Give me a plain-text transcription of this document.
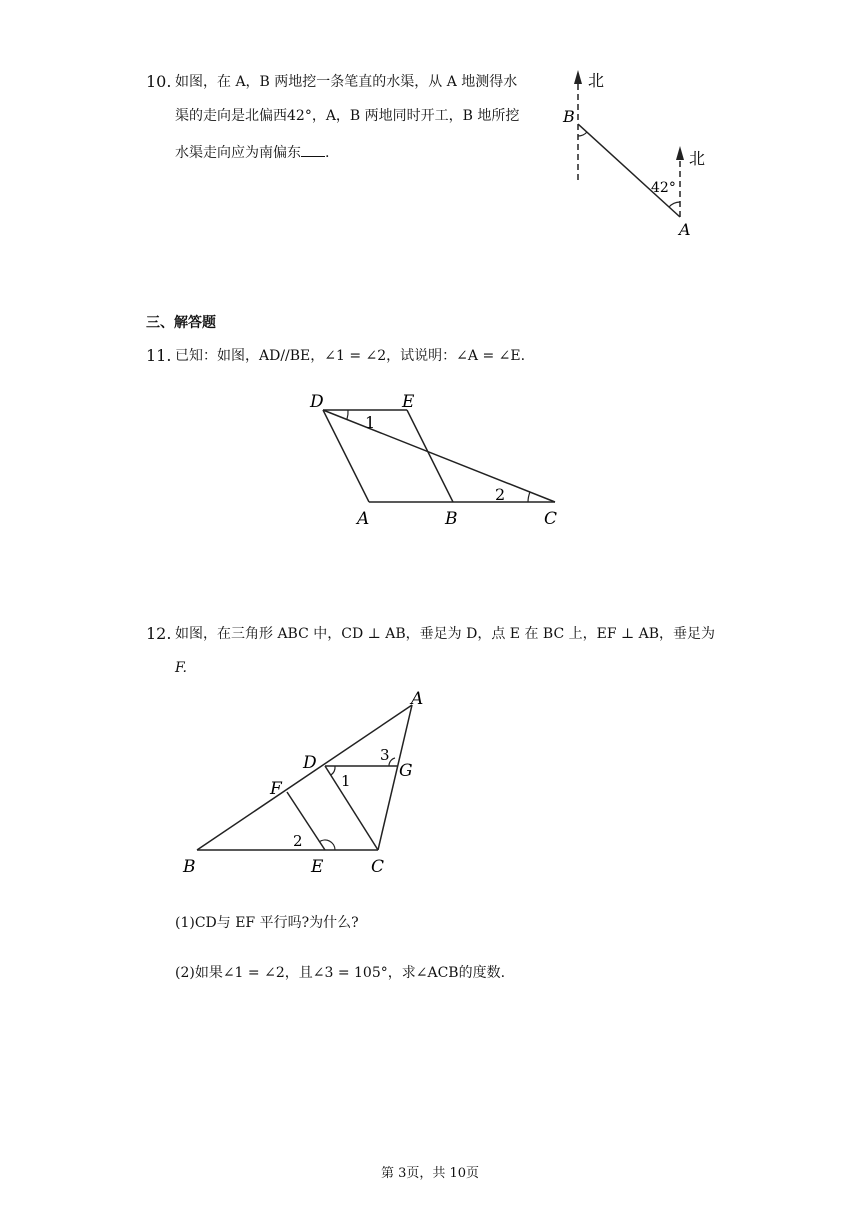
10. 如图，在 A，B 两地挖一条笔直的水渠，从 A 地测得水
渠的走向是北偏西42°，A，B 两地同时开工，B 地所挖
水渠走向应为南偏东 .
北
北
42°
B
A
三、解答题
11. 已知：如图，AD//BE，∠1 = ∠2，试说明：∠A = ∠E.
D	E
A	B	C
1
2
12. 如图，在三角形 ABC 中，CD ⊥ AB，垂足为 D，点 E 在 BC 上，EF ⊥ AB，垂足为
F.
A
B	C
D
E
F
G
1
2
3
(1)CD与 EF 平行吗?为什么?
(2)如果∠1 = ∠2，且∠3 = 105°，求∠ACB的度数.
第 3页，共 10页
